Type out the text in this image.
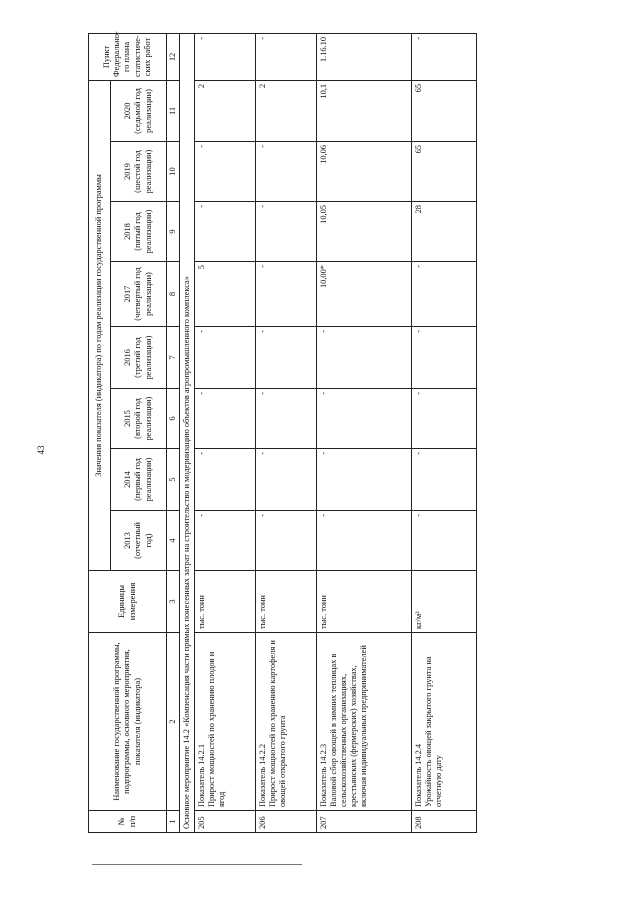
43
№ п/п	Наименование государственной программы, подпрограммы, основного мероприятия, показателя (индикатора)	Единицы измерения	Значения показателя (индикатора) по годам реализации государственной программы								Пункт Федерально-го плана статистиче-ских работ

			2013 (отчетный год)	2014 (первый год реализации)	2015 (второй год реализации)	2016 (третий год реализации)	2017 (четвертый год реализации)	2018 (пятый год реализации)	2019 (шестой год реализации)	2020 (седьмой год реализации)	

1	2	3	4	5	6	7	8	9	10	11	12
Основное мероприятие 14.2 «Компенсация части прямых понесенных затрат на строительство и модернизацию объектов агропромышленного комплекса»											
205	Показатель 14.2.1 Прирост мощностей по хранению плодов и ягод	тыс. тонн	-	-	-	-	5	-	-	2	-
206	Показатель 14.2.2 Прирост мощностей по хранению картофеля и овощей открытого грунта	тыс. тонн	-	-	-	-	-	-	-	2	-
207	Показатель 14.2.3 Валовой сбор овощей в зимних теплицах в сельскохозяйственных организациях, крестьянских (фермерских) хозяйствах, включая индивидуальных предпринимателей	тыс. тонн	-	-	-	-	10,00*	10,05	10,06	10,1	1.16.10
208	Показатель 14.2.4 Урожайность овощей закрытого грунта на отчетную дату	кг/м²	-	-	-	-	-	28	65	65	-
